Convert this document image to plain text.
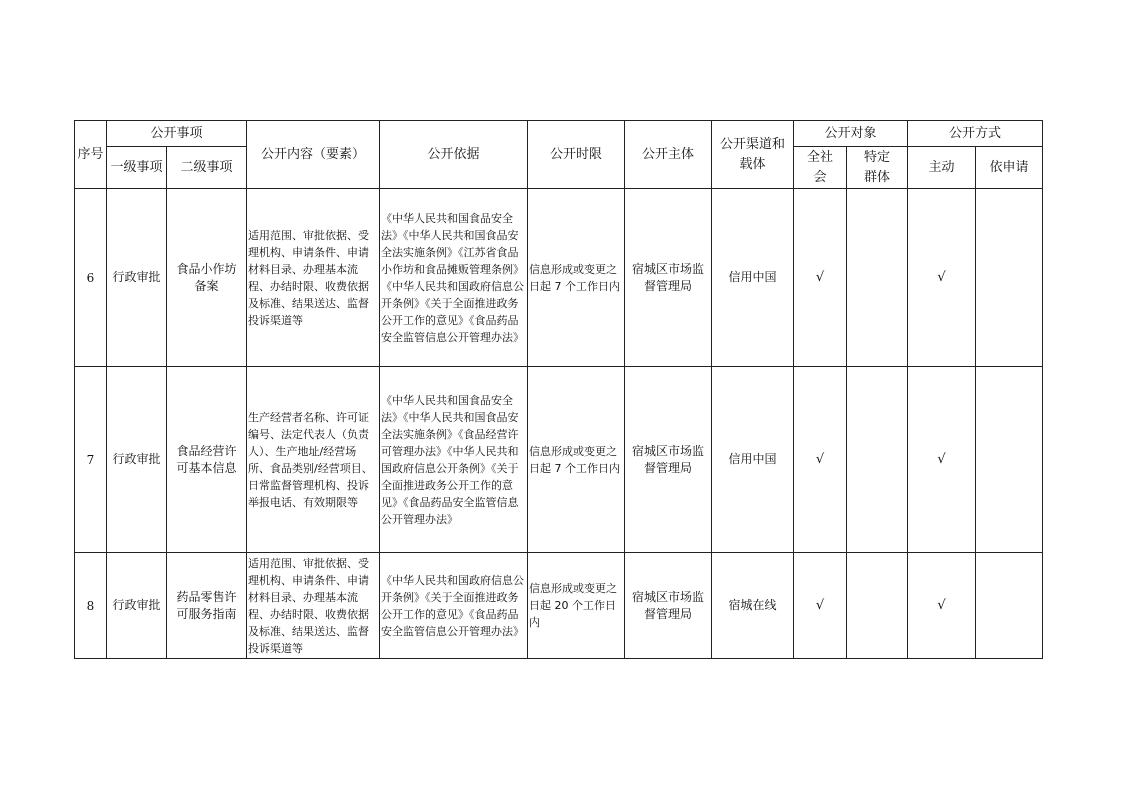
序号	公开事项		公开内容（要素）	公开依据	公开时限	公开主体	公开渠道和载体	公开对象		公开方式	
	一级事项	二级事项						全社会	特定群体	主动	依申请
6	行政审批	食品小作坊备案	适用范围、审批依据、受理机构、申请条件、申请材料目录、办理基本流程、办结时限、收费依据及标准、结果送达、监督投诉渠道等	《中华人民共和国食品安全法》《中华人民共和国食品安全法实施条例》《江苏省食品小作坊和食品摊贩管理条例》《中华人民共和国政府信息公开条例》《关于全面推进政务公开工作的意见》《食品药品安全监管信息公开管理办法》	信息形成或变更之日起 7 个工作日内	宿城区市场监督管理局	信用中国	√		√	
7	行政审批	食品经营许可基本信息	生产经营者名称、许可证编号、法定代表人（负责人）、生产地址/经营场所、食品类别/经营项目、日常监督管理机构、投诉举报电话、有效期限等	《中华人民共和国食品安全法》《中华人民共和国食品安全法实施条例》《食品经营许可管理办法》《中华人民共和国政府信息公开条例》《关于全面推进政务公开工作的意见》《食品药品安全监管信息公开管理办法》	信息形成或变更之日起 7 个工作日内	宿城区市场监督管理局	信用中国	√		√	
8	行政审批	药品零售许可服务指南	适用范围、审批依据、受理机构、申请条件、申请材料目录、办理基本流程、办结时限、收费依据及标准、结果送达、监督投诉渠道等	《中华人民共和国政府信息公开条例》《关于全面推进政务公开工作的意见》《食品药品安全监管信息公开管理办法》	信息形成或变更之日起 20 个工作日内	宿城区市场监督管理局	宿城在线	√		√	
